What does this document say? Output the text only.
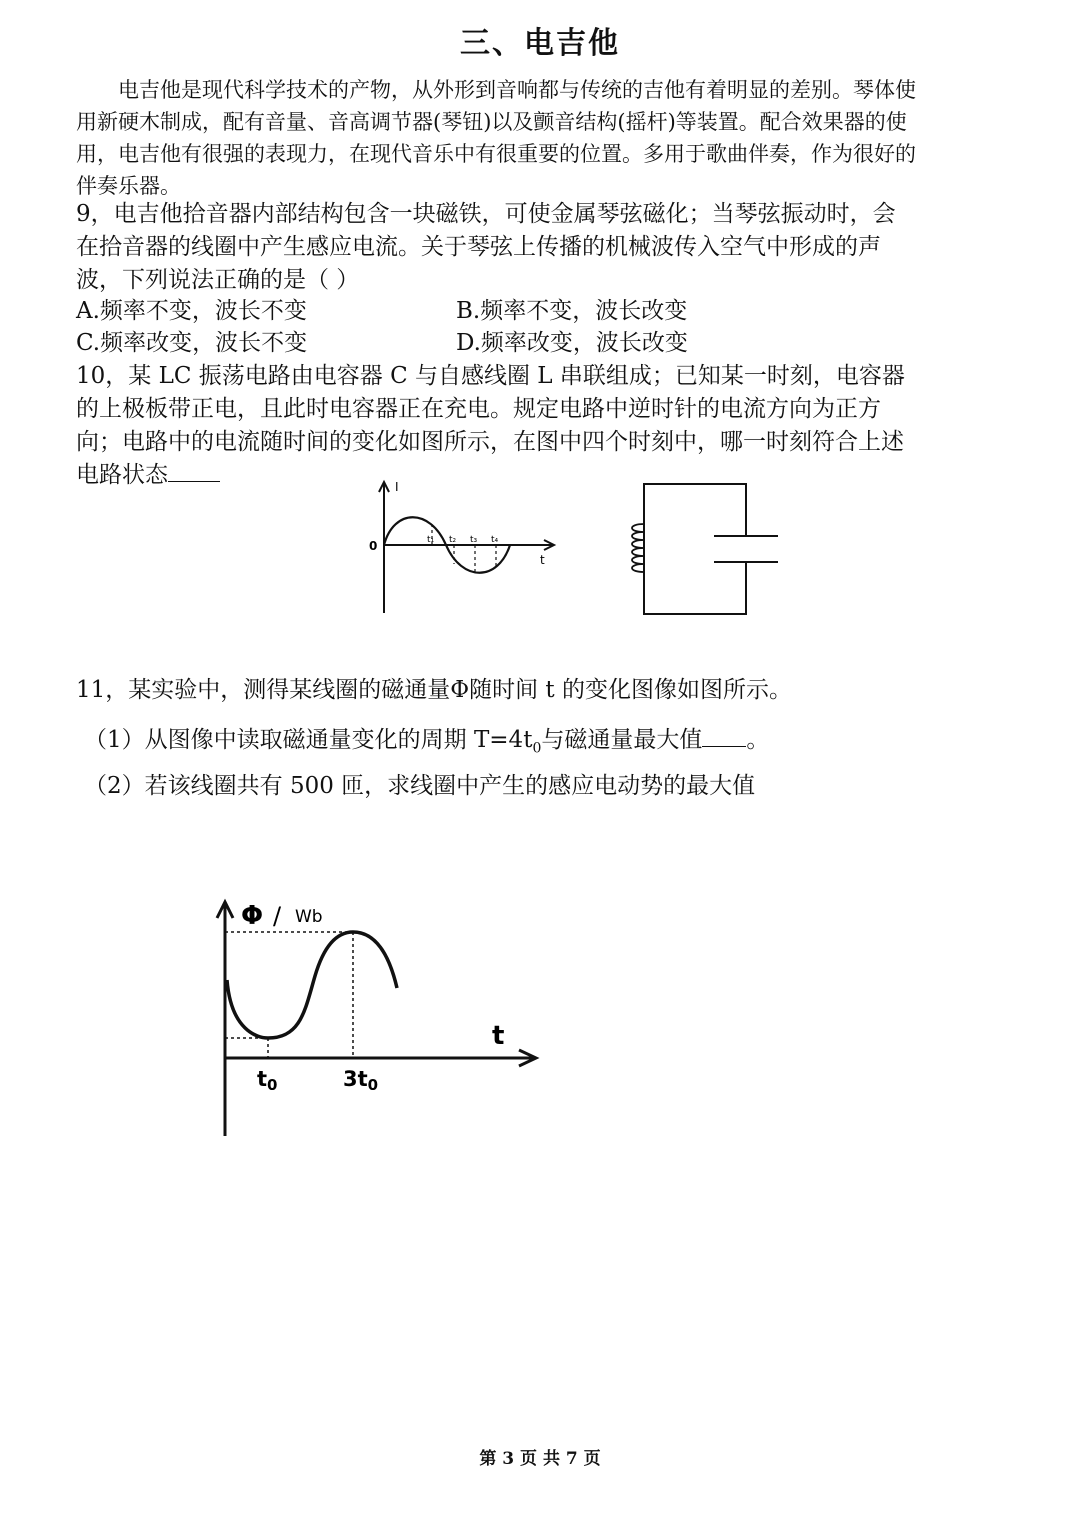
三、电吉他

电吉他是现代科学技术的产物，从外形到音响都与传统的吉他有着明显的差别。琴体使用新硬木制成，配有音量、音高调节器(琴钮)以及颤音结构(摇杆)等装置。配合效果器的使用，电吉他有很强的表现力，在现代音乐中有很重要的位置。多用于歌曲伴奏，作为很好的伴奏乐器。

9，电吉他拾音器内部结构包含一块磁铁，可使金属琴弦磁化；当琴弦振动时，会在拾音器的线圈中产生感应电流。关于琴弦上传播的机械波传入空气中形成的声波，下列说法正确的是（ ）

A.频率不变，波长不变	B.频率不变，波长改变
C.频率改变，波长不变	D.频率改变，波长改变

10，某 LC 振荡电路由电容器 C 与自感线圈 L 串联组成；已知某一时刻，电容器的上极板带正电，且此时电容器正在充电。规定电路中逆时针的电流方向为正方向；电路中的电流随时间的变化如图所示，在图中四个时刻中，哪一时刻符合上述电路状态	I
0
t
t₁ t₂ t₃ t₄
11，某实验中，测得某线圈的磁通量Φ随时间 t 的变化图像如图所示。
（1）从图像中读取磁通量变化的周期 $T=4t_0$与磁通量最大值 。
（2）若该线圈共有 500 匝，求线圈中产生的感应电动势的最大值
Φ / Wb
t
t0	3t0
第 3 页 共 7 页
